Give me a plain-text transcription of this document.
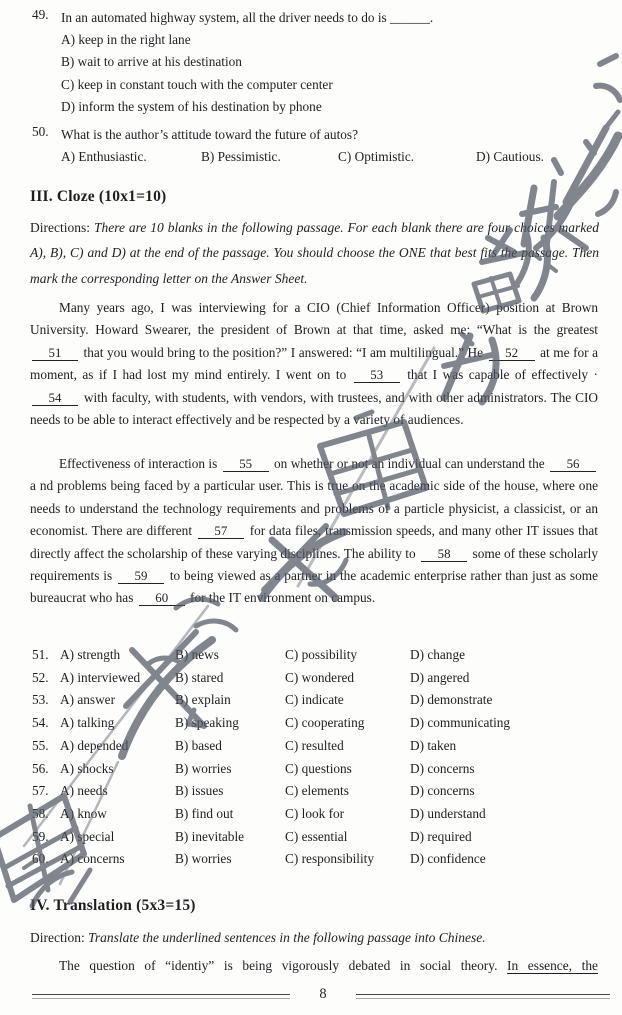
49. In an automated highway system, all the driver needs to do is ______.
A) keep in the right lane
B) wait to arrive at his destination
C) keep in constant touch with the computer center
D) inform the system of his destination by phone
50. What is the author’s attitude toward the future of autos?
A) Enthusiastic.	B) Pessimistic.	C) Optimistic.	D) Cautious.
III. Cloze (10x1=10)
Directions: There are 10 blanks in the following passage. For each blank there are four choices marked A), B), C) and D) at the end of the passage. You should choose the ONE that best fits the passage. Then mark the corresponding letter on the Answer Sheet.
Many years ago, I was interviewing for a CIO (Chief Information Officer) position at Brown University. Howard Swearer, the president of Brown at that time, asked me: “What is the greatest 51 that you would bring to the position?” I answered: “I am multilingual.” He 52 at me for a moment, as if I had lost my mind entirely. I went on to 53 that I was capable of effectively · 54 with faculty, with students, with vendors, with trustees, and with other administrators. The CIO needs to be able to interact effectively and be respected by a variety of audiences.
Effectiveness of interaction is 55 on whether or not an individual can understand the 56 a nd problems being faced by a particular user. This is true on the academic side of the house, where one needs to understand the technology requirements and problems of a particle physicist, a classicist, or an economist. There are different 57 for data files, transmission speeds, and many other IT issues that directly affect the scholarship of these varying disciplines. The ability to 58 some of these scholarly requirements is 59 to being viewed as a partner in the academic enterprise rather than just as some bureaucrat who has 60 for the IT environment on campus.
51. A) strength	B) news	C) possibility	D) change
52. A) interviewed	B) stared	C) wondered	D) angered
53. A) answer	B) explain	C) indicate	D) demonstrate
54. A) talking	B) speaking	C) cooperating	D) communicating
55. A) depended	B) based	C) resulted	D) taken
56. A) shocks	B) worries	C) questions	D) concerns
57. A) needs	B) issues	C) elements	D) concerns
58. A) know	B) find out	C) look for	D) understand
59. A) special	B) inevitable	C) essential	D) required
60. A) concerns	B) worries	C) responsibility	D) confidence
IV. Translation (5x3=15)
Direction: Translate the underlined sentences in the following passage into Chinese.
The question of “identiy” is being vigorously debated in social theory. In essence, the
8
